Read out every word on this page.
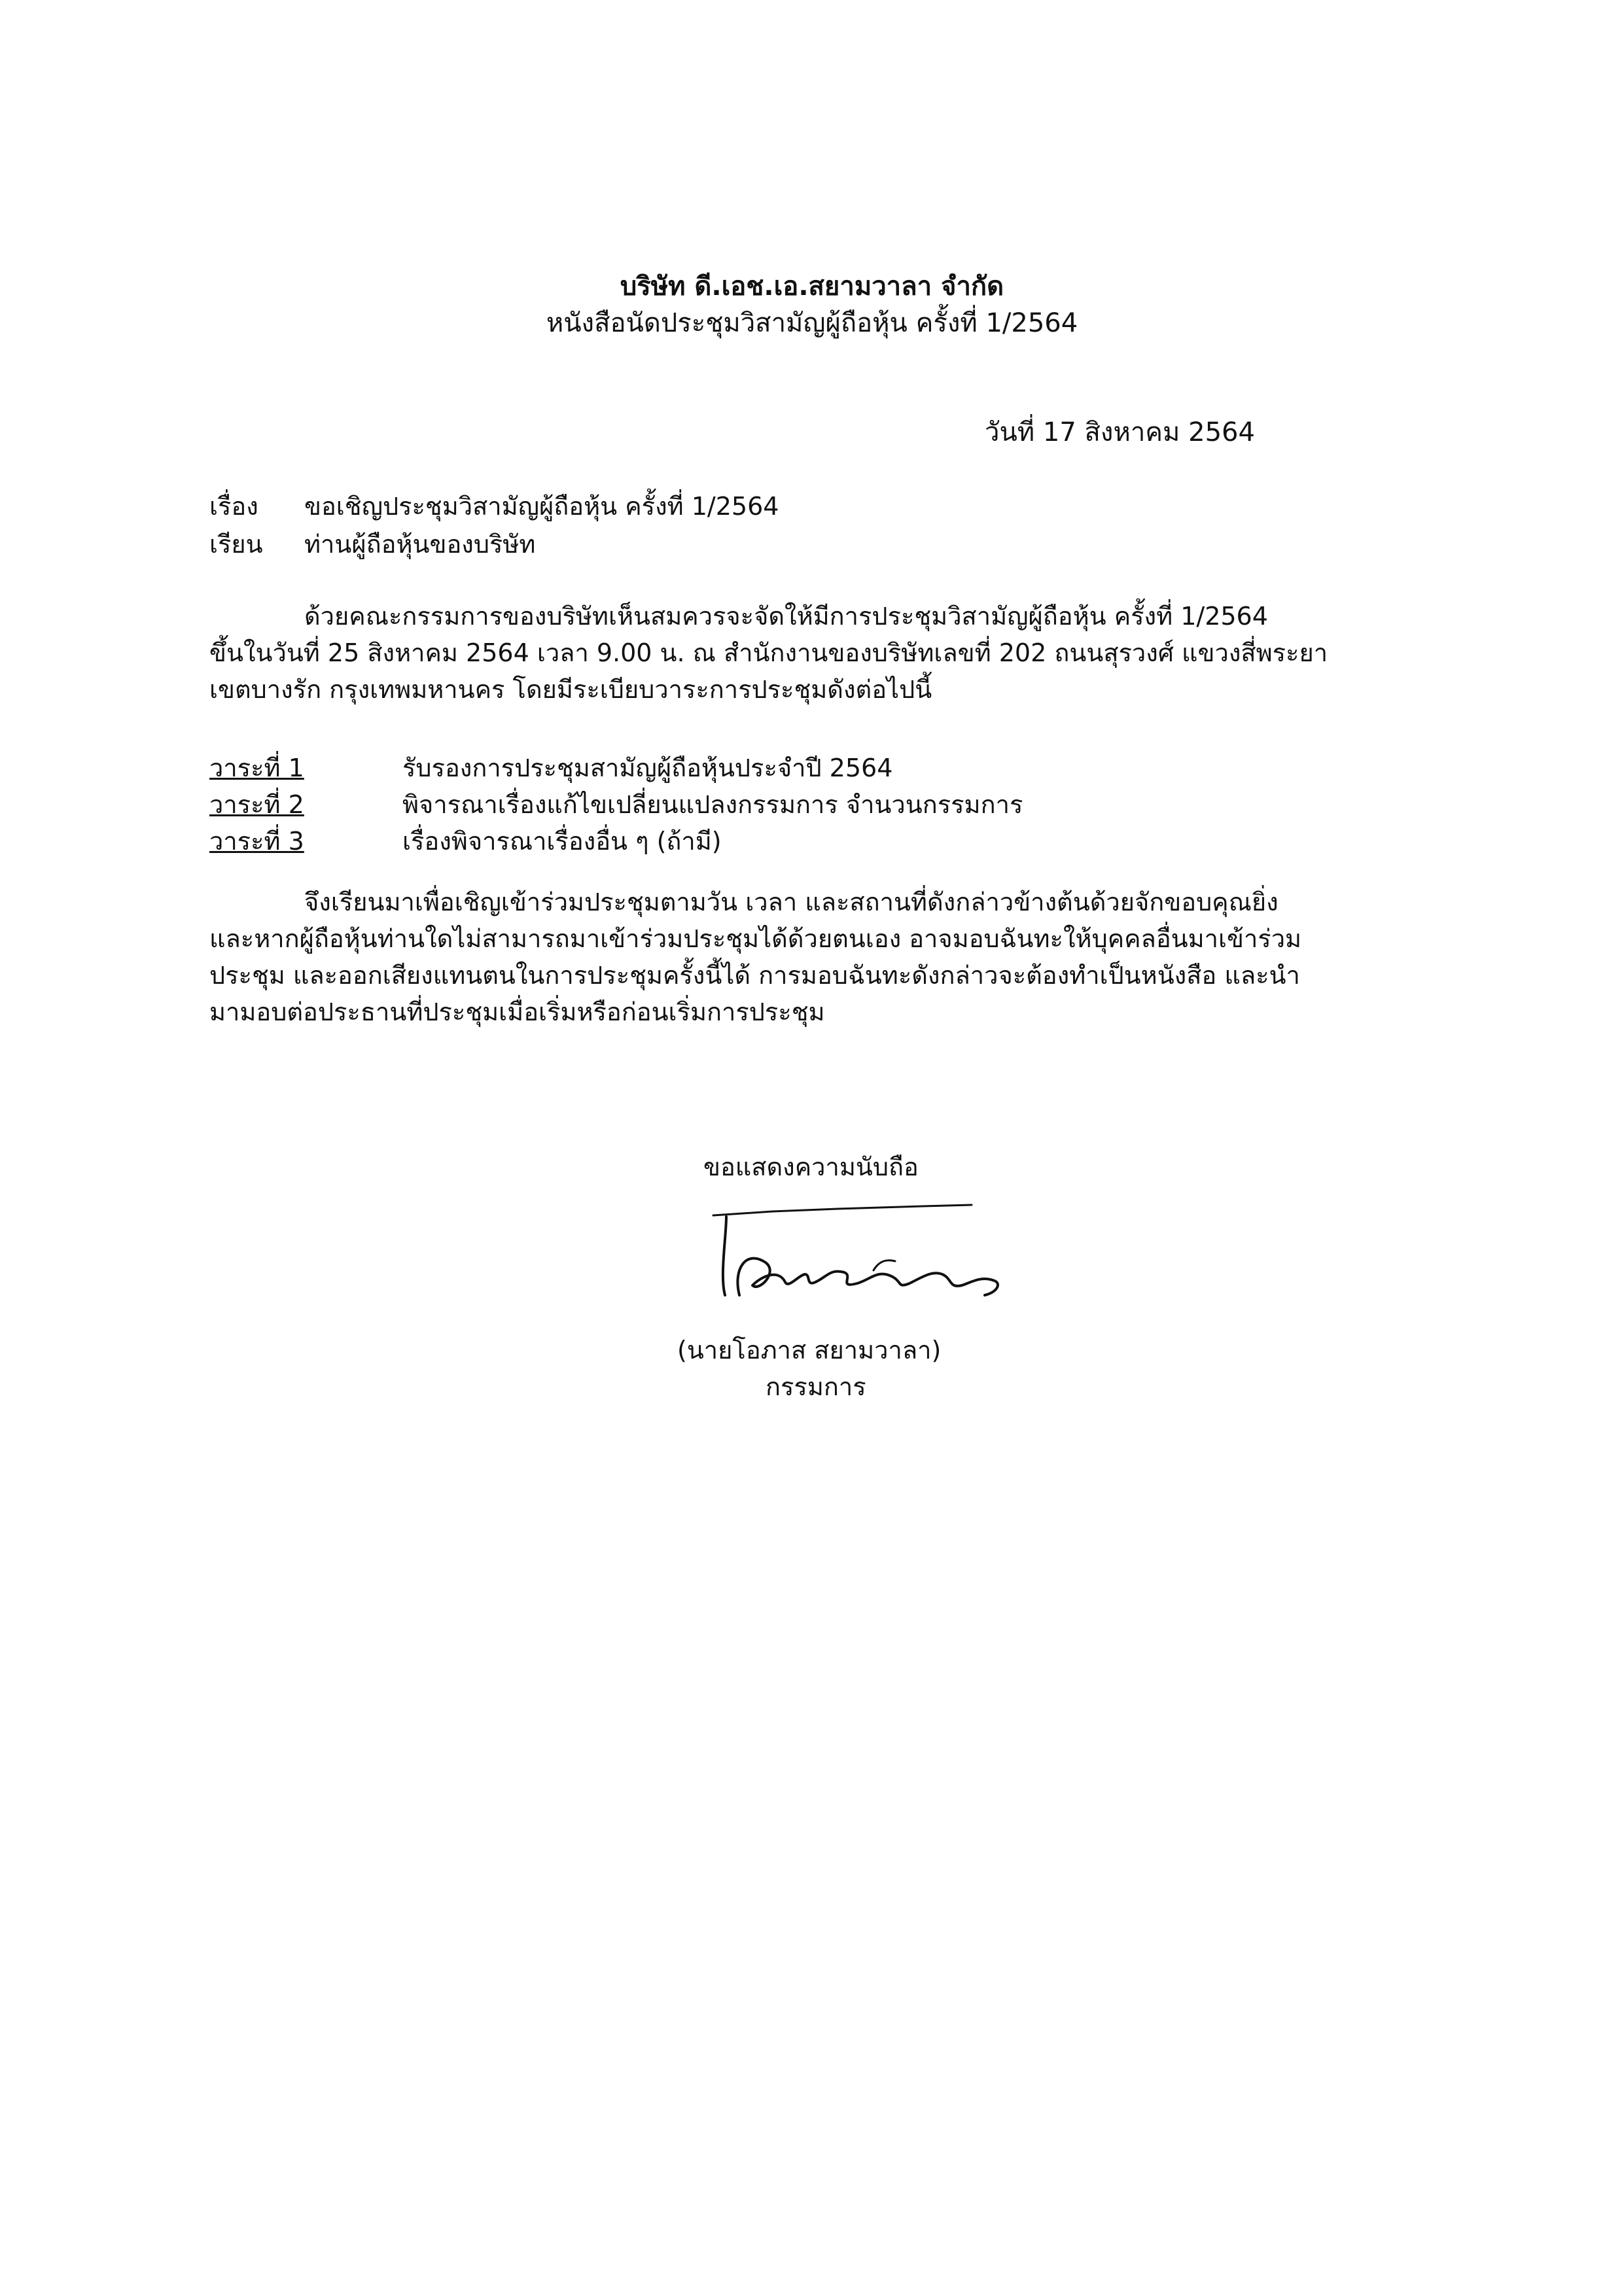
บริษัท ดี.เอช.เอ.สยามวาลา จำกัด
หนังสือนัดประชุมวิสามัญผู้ถือหุ้น ครั้งที่ 1/2564
วันที่ 17 สิงหาคม 2564
เรื่อง ขอเชิญประชุมวิสามัญผู้ถือหุ้น ครั้งที่ 1/2564
เรียน ท่านผู้ถือหุ้นของบริษัท
ด้วยคณะกรรมการของบริษัทเห็นสมควรจะจัดให้มีการประชุมวิสามัญผู้ถือหุ้น ครั้งที่ 1/2564
ขึ้นในวันที่ 25 สิงหาคม 2564 เวลา 9.00 น. ณ สำนักงานของบริษัทเลขที่ 202 ถนนสุรวงศ์ แขวงสี่พระยา
เขตบางรัก กรุงเทพมหานคร โดยมีระเบียบวาระการประชุมดังต่อไปนี้
วาระที่ 1	รับรองการประชุมสามัญผู้ถือหุ้นประจำปี 2564
วาระที่ 2	พิจารณาเรื่องแก้ไขเปลี่ยนแปลงกรรมการ จำนวนกรรมการ
วาระที่ 3	เรื่องพิจารณาเรื่องอื่น ๆ (ถ้ามี)
จึงเรียนมาเพื่อเชิญเข้าร่วมประชุมตามวัน เวลา และสถานที่ดังกล่าวข้างต้นด้วยจักขอบคุณยิ่ง
และหากผู้ถือหุ้นท่านใดไม่สามารถมาเข้าร่วมประชุมได้ด้วยตนเอง อาจมอบฉันทะให้บุคคลอื่นมาเข้าร่วม
ประชุม และออกเสียงแทนตนในการประชุมครั้งนี้ได้ การมอบฉันทะดังกล่าวจะต้องทำเป็นหนังสือ และนำ
มามอบต่อประธานที่ประชุมเมื่อเริ่มหรือก่อนเริ่มการประชุม
ขอแสดงความนับถือ
(นายโอภาส สยามวาลา)
กรรมการ
